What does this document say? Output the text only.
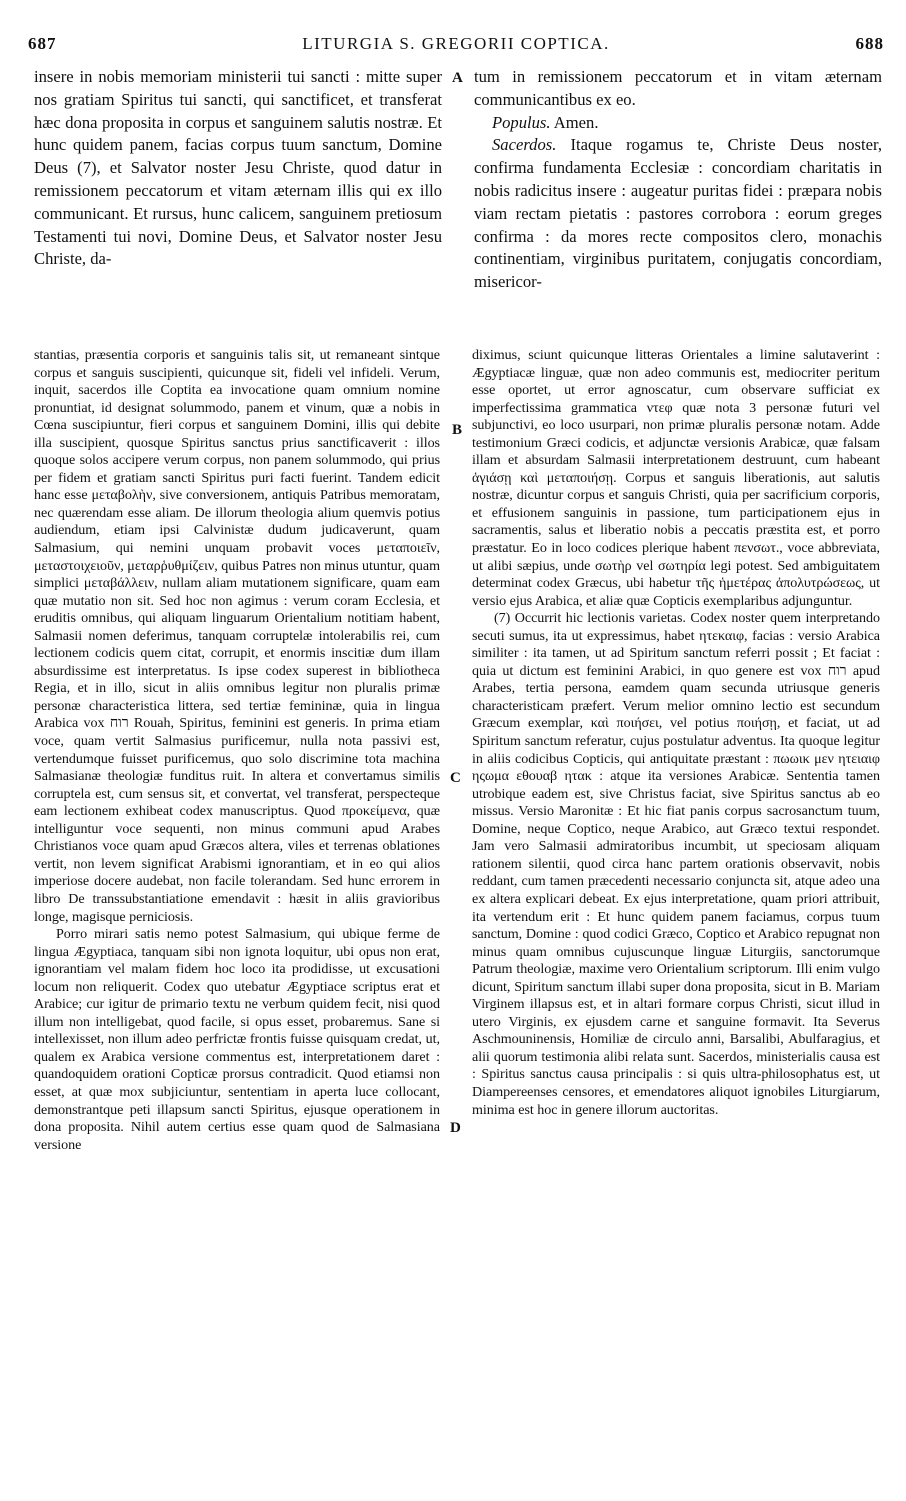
687	LITURGIA S. GREGORII COPTICA.	688

insere in nobis memoriam ministerii tui sancti : mitte super nos gratiam Spiritus tui sancti, qui sanctificet, et transferat hæc dona proposita in corpus et sanguinem salutis nostræ. Et hunc quidem panem, facias corpus tuum sanctum, Domine Deus (7), et Salvator noster Jesu Christe, quod datur in remissionem peccatorum et vitam æternam illis qui ex illo communicant. Et rursus, hunc calicem, sanguinem pretiosum Testamenti tui novi, Domine Deus, et Salvator noster Jesu Christe, da-

tum in remissionem peccatorum et in vitam æternam communicantibus ex eo.

Populus. Amen.

Sacerdos. Itaque rogamus te, Christe Deus noster, confirma fundamenta Ecclesiæ : concordiam charitatis in nobis radicitus insere : augeatur puritas fidei : præpara nobis viam rectam pietatis : pastores corrobora : eorum greges confirma : da mores recte compositos clero, monachis continentiam, virginibus puritatem, conjugatis concordiam, misericor-

A
B
C
D

stantias, præsentia corporis et sanguinis talis sit, ut remaneant sintque corpus et sanguis suscipienti, quicunque sit, fideli vel infideli. Verum, inquit, sacerdos ille Coptita ea invocatione quam omnium nomine pronuntiat, id designat solummodo, panem et vinum, quæ a nobis in Cœna suscipiuntur, fieri corpus et sanguinem Domini, illis qui debite illa suscipient, quosque Spiritus sanctus prius sanctificaverit : illos quoque solos accipere verum corpus, non panem solummodo, qui prius per fidem et gratiam sancti Spiritus puri facti fuerint. Tandem edicit hanc esse μεταβολὴν, sive conversionem, antiquis Patribus memoratam, nec quærendam esse aliam. De illorum theologia alium quemvis potius audiendum, etiam ipsi Calvinistæ dudum judicaverunt, quam Salmasium, qui nemini unquam probavit voces μεταποιεῖν, μεταστοιχειοῦν, μεταρῥυθμίζειν, quibus Patres non minus utuntur, quam simplici μεταβάλλειν, nullam aliam mutationem significare, quam eam quæ mutatio non sit. Sed hoc non agimus : verum coram Ecclesia, et eruditis omnibus, qui aliquam linguarum Orientalium notitiam habent, Salmasii nomen deferimus, tanquam corruptelæ intolerabilis rei, cum lectionem codicis quem citat, corrupit, et enormis inscitiæ dum illam absurdissime est interpretatus. Is ipse codex superest in bibliotheca Regia, et in illo, sicut in aliis omnibus legitur non pluralis primæ personæ characteristica littera, sed tertiæ femininæ, quia in lingua Arabica vox רוח Rouah, Spiritus, feminini est generis. In prima etiam voce, quam vertit Salmasius purificemur, nulla nota passivi est, vertendumque fuisset purificemus, quo solo discrimine tota machina Salmasianæ theologiæ funditus ruit. In altera et convertamus similis corruptela est, cum sensus sit, et convertat, vel transferat, perspecteque eam lectionem exhibeat codex manuscriptus. Quod προκείμενα, quæ intelliguntur voce sequenti, non minus communi apud Arabes Christianos voce quam apud Græcos altera, viles et terrenas oblationes vertit, non levem significat Arabismi ignorantiam, et in eo qui alios imperiose docere audebat, non facile tolerandam. Sed hunc errorem in libro De transsubstantiatione emendavit : hæsit in aliis gravioribus longe, magisque perniciosis.

Porro mirari satis nemo potest Salmasium, qui ubique ferme de lingua Ægyptiaca, tanquam sibi non ignota loquitur, ubi opus non erat, ignorantiam vel malam fidem hoc loco ita prodidisse, ut excusationi locum non reliquerit. Codex quo utebatur Ægyptiace scriptus erat et Arabice; cur igitur de primario textu ne verbum quidem fecit, nisi quod illum non intelligebat, quod facile, si opus esset, probaremus. Sane si intellexisset, non illum adeo perfrictæ frontis fuisse quisquam credat, ut, qualem ex Arabica versione commentus est, interpretationem daret : quandoquidem orationi Copticæ prorsus contradicit. Quod etiamsi non esset, at quæ mox subjiciuntur, sententiam in aperta luce collocant, demonstrantque peti illapsum sancti Spiritus, ejusque operationem in dona proposita. Nihil autem certius esse quam quod de Salmasiana versione

diximus, sciunt quicunque litteras Orientales a limine salutaverint : Ægyptiacæ linguæ, quæ non adeo communis est, mediocriter peritum esse oportet, ut error agnoscatur, cum observare sufficiat ex imperfectissima grammatica ντεφ quæ nota 3 personæ futuri vel subjunctivi, eo loco usurpari, non primæ pluralis personæ notam. Adde testimonium Græci codicis, et adjunctæ versionis Arabicæ, quæ falsam illam et absurdam Salmasii interpretationem destruunt, cum habeant ἁγιάσῃ καὶ μεταποιήσῃ. Corpus et sanguis liberationis, aut salutis nostræ, dicuntur corpus et sanguis Christi, quia per sacrificium corporis, et effusionem sanguinis in passione, tum participationem ejus in sacramentis, salus et liberatio nobis a peccatis præstita est, et porro præstatur. Eo in loco codices plerique habent πενσωτ., voce abbreviata, ut alibi sæpius, unde σωτὴρ vel σωτηρία legi potest. Sed ambiguitatem determinat codex Græcus, ubi habetur τῆς ἡμετέρας ἀπολυτρώσεως, ut versio ejus Arabica, et aliæ quæ Copticis exemplaribus adjunguntur.

(7) Occurrit hic lectionis varietas. Codex noster quem interpretando secuti sumus, ita ut expressimus, habet ητεκαιφ, facias : versio Arabica similiter : ita tamen, ut ad Spiritum sanctum referri possit ; Et faciat : quia ut dictum est feminini Arabici, in quo genere est vox רוח apud Arabes, tertia persona, eamdem quam secunda utriusque generis characteristicam præfert. Verum melior omnino lectio est secundum Græcum exemplar, καὶ ποιήσει, vel potius ποιήσῃ, et faciat, ut ad Spiritum sanctum referatur, cujus postulatur adventus. Ita quoque legitur in aliis codicibus Copticis, qui antiquitate præstant : πωωικ μεν ητειαιφ ηςωμα εθουαβ ητακ : atque ita versiones Arabicæ. Sententia tamen utrobique eadem est, sive Christus faciat, sive Spiritus sanctus ab eo missus. Versio Maronitæ : Et hic fiat panis corpus sacrosanctum tuum, Domine, neque Coptico, neque Arabico, aut Græco textui respondet. Jam vero Salmasii admiratoribus incumbit, ut speciosam aliquam rationem silentii, quod circa hanc partem orationis observavit, nobis reddant, cum tamen præcedenti necessario conjuncta sit, atque adeo una ex altera explicari debeat. Ex ejus interpretatione, quam priori attribuit, ita vertendum erit : Et hunc quidem panem faciamus, corpus tuum sanctum, Domine : quod codici Græco, Coptico et Arabico repugnat non minus quam omnibus cujuscunque linguæ Liturgiis, sanctorumque Patrum theologiæ, maxime vero Orientalium scriptorum. Illi enim vulgo dicunt, Spiritum sanctum illabi super dona proposita, sicut in B. Mariam Virginem illapsus est, et in altari formare corpus Christi, sicut illud in utero Virginis, ex ejusdem carne et sanguine formavit. Ita Severus Aschmouninensis, Homiliæ de circulo anni, Barsalibi, Abulfaragius, et alii quorum testimonia alibi relata sunt. Sacerdos, ministerialis causa est : Spiritus sanctus causa principalis : si quis ultra-philosophatus est, ut Diampereenses censores, et emendatores aliquot ignobiles Liturgiarum, minima est hoc in genere illorum auctoritas.
